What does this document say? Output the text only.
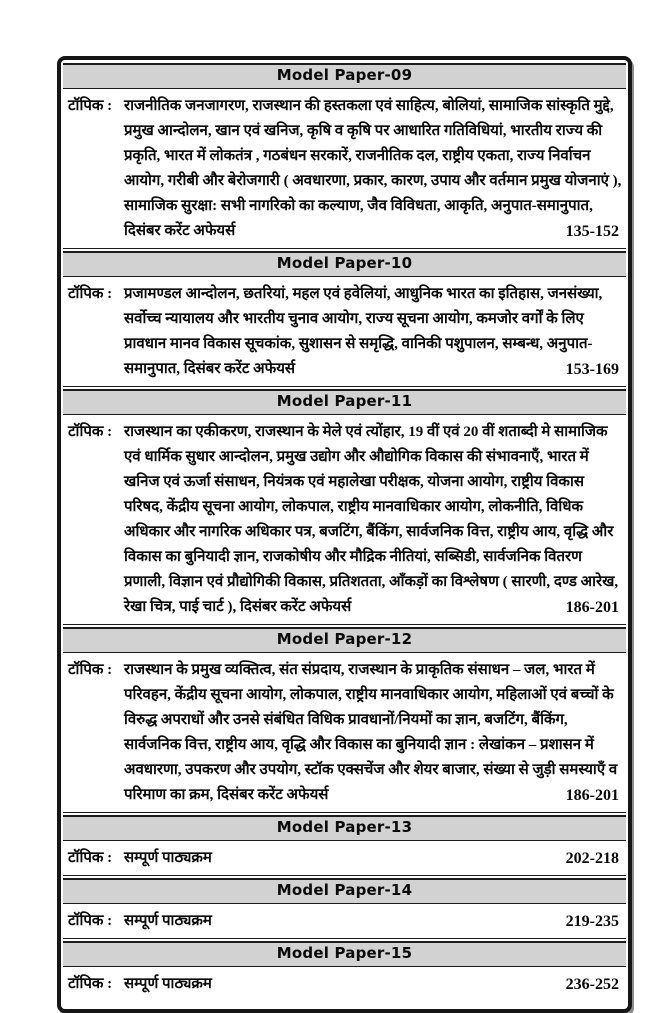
Model Paper-09

टॉपिक : राजनीतिक जनजागरण, राजस्थान की हस्तकला एवं साहित्य, बोलियां, सामाजिक सांस्कृति मुद्दे, प्रमुख आन्दोलन, खान एवं खनिज, कृषि व कृषि पर आधारित गतिविधियां, भारतीय राज्य की प्रकृति, भारत में लोकतंत्र , गठबंधन सरकारें, राजनीतिक दल, राष्ट्रीय एकता, राज्य निर्वाचन आयोग, गरीबी और बेरोजगारी ( अवधारणा, प्रकार, कारण, उपाय और वर्तमान प्रमुख योजनाएं ), सामाजिक सुरक्षा: सभी नागरिको का कल्याण, जैव विविधता, आकृति, अनुपात-समानुपात, दिसंबर करेंट अफेयर्स	135-152

Model Paper-10

टॉपिक : प्रजामण्डल आन्दोलन, छतरियां, महल एवं हवेलियां, आधुनिक भारत का इतिहास, जनसंख्या, सर्वोच्च न्यायालय और भारतीय चुनाव आयोग, राज्य सूचना आयोग, कमजोर वर्गों के लिए प्रावधान मानव विकास सूचकांक, सुशासन से समृद्धि, वानिकी पशुपालन, सम्बन्ध, अनुपात-समानुपात, दिसंबर करेंट अफेयर्स	153-169

Model Paper-11

टॉपिक : राजस्थान का एकीकरण, राजस्थान के मेले एवं त्योंहार, 19 वीं एवं 20 वीं शताब्दी मे सामाजिक एवं धार्मिक सुधार आन्दोलन, प्रमुख उद्योग और औद्योगिक विकास की संभावनाएँ, भारत में खनिज एवं ऊर्जा संसाधन, नियंत्रक एवं महालेखा परीक्षक, योजना आयोग, राष्ट्रीय विकास परिषद, केंद्रीय सूचना आयोग, लोकपाल, राष्ट्रीय मानवाधिकार आयोग, लोकनीति, विधिक अधिकार और नागरिक अधिकार पत्र, बजटिंग, बैंकिंग, सार्वजनिक वित्त, राष्ट्रीय आय, वृद्धि और विकास का बुनियादी ज्ञान, राजकोषीय और मौद्रिक नीतियां, सब्सिडी, सार्वजनिक वितरण प्रणाली, विज्ञान एवं प्रौद्योगिकी विकास, प्रतिशतता, आँकड़ों का विश्लेषण ( सारणी, दण्ड आरेख, रेखा चित्र, पाई चार्ट ), दिसंबर करेंट अफेयर्स	186-201

Model Paper-12

टॉपिक : राजस्थान के प्रमुख व्यक्तित्व, संत संप्रदाय, राजस्थान के प्राकृतिक संसाधन – जल, भारत में परिवहन, केंद्रीय सूचना आयोग, लोकपाल, राष्ट्रीय मानवाधिकार आयोग, महिलाओं एवं बच्चों के विरुद्ध अपराधों और उनसे संबंधित विधिक प्रावधानों/नियमों का ज्ञान, बजटिंग, बैंकिंग, सार्वजनिक वित्त, राष्ट्रीय आय, वृद्धि और विकास का बुनियादी ज्ञान : लेखांकन – प्रशासन में अवधारणा, उपकरण और उपयोग, स्टॉक एक्सचेंज और शेयर बाजार, संख्या से जुड़ी समस्याएँ व परिमाण का क्रम, दिसंबर करेंट अफेयर्स	186-201

Model Paper-13

टॉपिक : सम्पूर्ण पाठ्यक्रम	202-218

Model Paper-14

टॉपिक : सम्पूर्ण पाठ्यक्रम	219-235

Model Paper-15

टॉपिक : सम्पूर्ण पाठ्यक्रम	236-252
